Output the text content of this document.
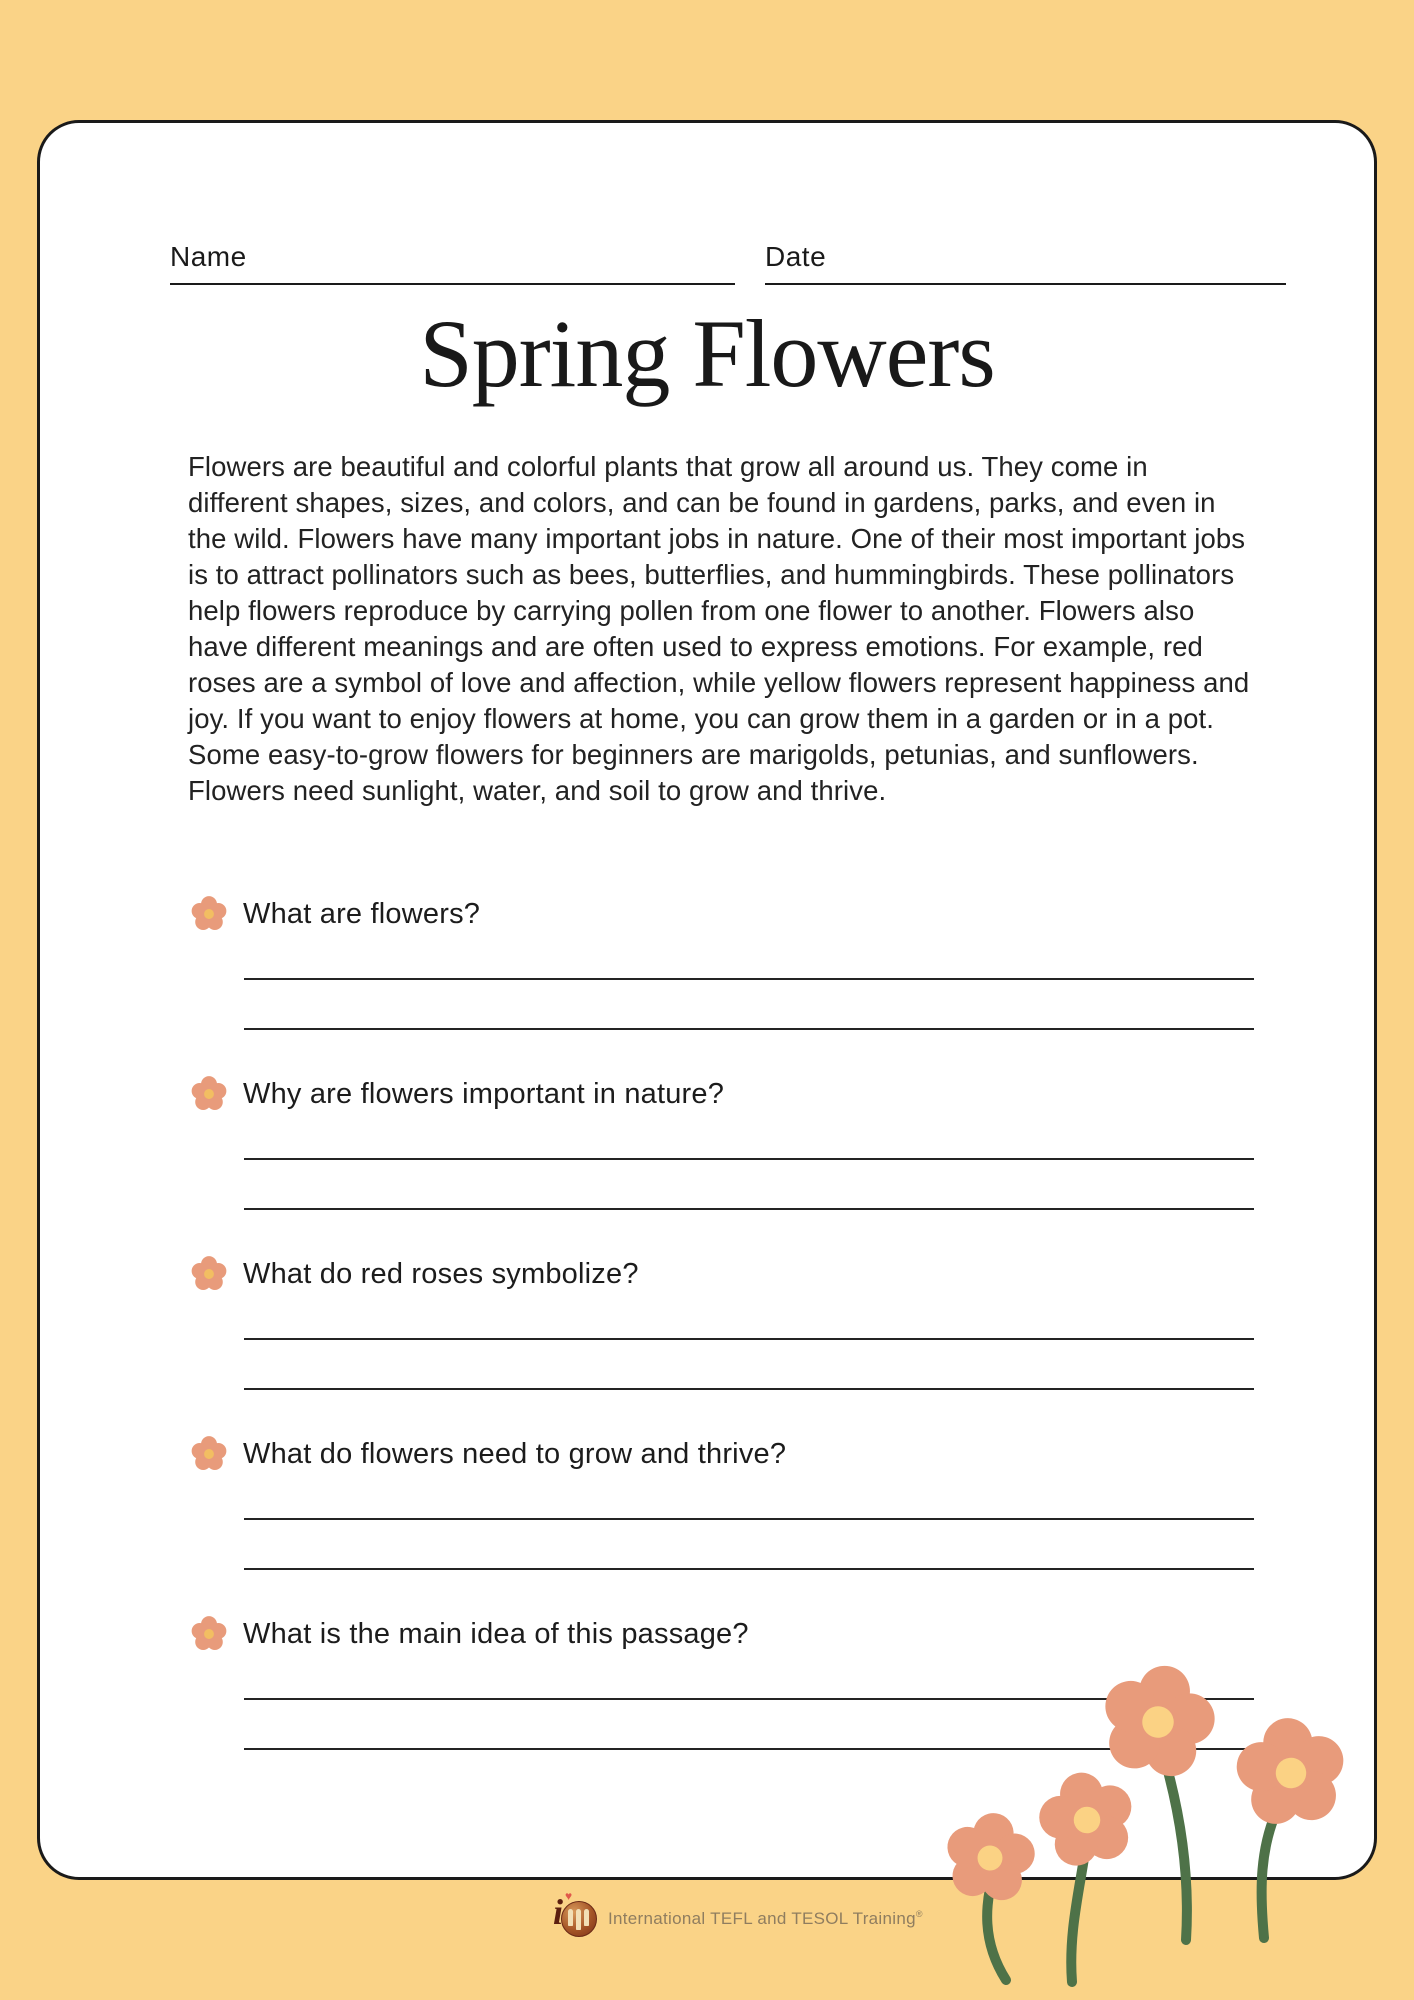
Name	Date
Spring Flowers
Flowers are beautiful and colorful plants that grow all around us. They come in different shapes, sizes, and colors, and can be found in gardens, parks, and even in the wild. Flowers have many important jobs in nature. One of their most important jobs is to attract pollinators such as bees, butterflies, and hummingbirds. These pollinators help flowers reproduce by carrying pollen from one flower to another. Flowers also have different meanings and are often used to express emotions. For example, red roses are a symbol of love and affection, while yellow flowers represent happiness and joy. If you want to enjoy flowers at home, you can grow them in a garden or in a pot. Some easy-to-grow flowers for beginners are marigolds, petunias, and sunflowers. Flowers need sunlight, water, and soil to grow and thrive.
What are flowers?
Why are flowers important in nature?
What do red roses symbolize?
What do flowers need to grow and thrive?
What is the main idea of this passage?
i ♥
International TEFL and TESOL Training®
